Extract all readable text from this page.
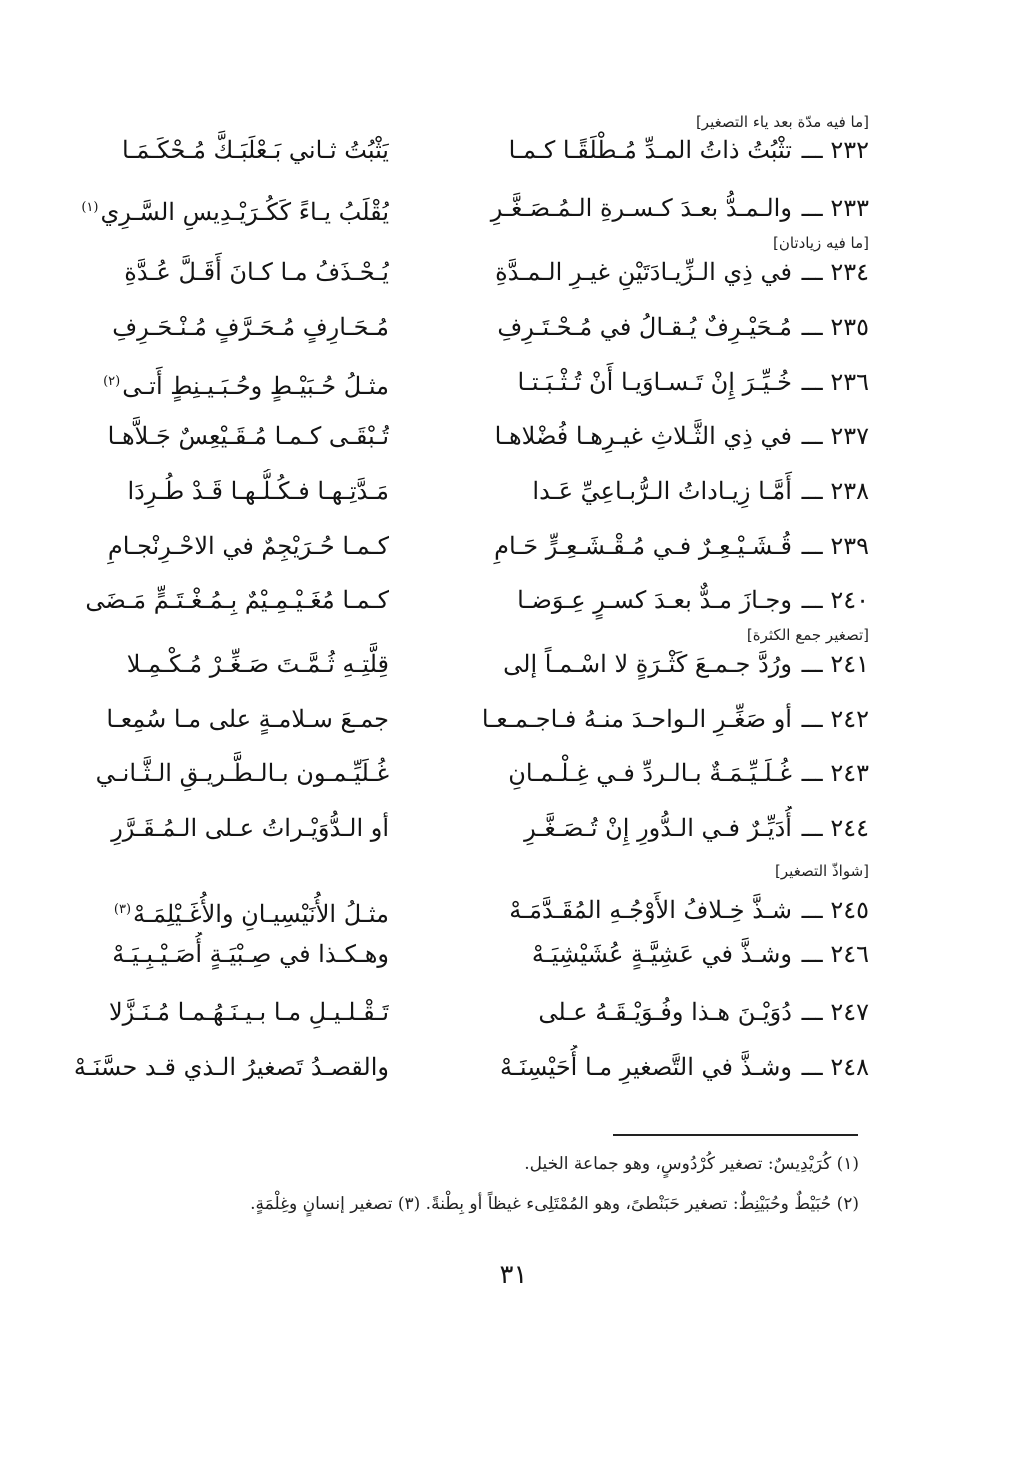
[ما فيه مدّة بعد ياء التصغير]
٢٣٢ ـــ تثْبُتُ ذاتُ المـدِّ مُـطْلَقًـا كـمـا
يَثْبُتُ ثـاني بَـعْلَبَـكَّ مُـحْكَـمَـا
٢٣٣ ـــ والـمـدُّ بعـدَ كـسـرةِ الـمُـصَـغَّـرِ
يُقْلَبُ يـاءً كَكُـرَيْـدِيسِ السَّـرِي$^{(١)}$
[ما فيه زيادتان]
٢٣٤ ـــ في ذِي الـزِّيـادَتَيْنِ غيـرِ الـمـدَّةِ
يُـحْـذَفُ مـا كـانَ أَقَـلَّ عُـدَّةِ
٢٣٥ ـــ مُـحَيْـرِفٌ يُـقـالُ في مُـحْـتَـرِفِ
مُـحَـارِفٍ مُـحَـرَّفٍ مُـنْـحَـرِفِ
٢٣٦ ـــ خُـيِّـرَ إِنْ تَـسـاوَيـا أَنْ تُـثْـبَـتـا
مثـلُ حُـبَيْـطٍ وحُـبَـيـنِطٍ أَتـى$^{(٢)}$
٢٣٧ ـــ في ذِي الثَّـلاثِ غيـرِهـا فُضْلاهـا
تُـبْقَـى كـمـا مُـقَـيْعِسٌ جَـلاَّهـا
٢٣٨ ـــ أَمَّـا زِيـاداتُ الـرُّبـاعِيِّ عَـدا
مَـدَّتِـهـا فـكُـلُّـهـا قَـدْ طُـرِدَا
٢٣٩ ـــ قُـشَـيْـعِـرٌ فـي مُـقْـشَـعِـرٍّ حَـامِ
كـمـا حُـرَيْجِمٌ في الاحْـرِنْجـامِ
٢٤٠ ـــ وجـازَ مـدٌّ بعـدَ كسـرٍ عِـوَضـا
كـمـا مُغَـيْـمِـيْمٌ بِـمُـغْـتَـمٍّ مَـضَى
[تصغير جمع الكثرة]
٢٤١ ـــ ورُدَّ جـمـعَ كَثْـرَةٍ لا اسْـمـاً إلى
قِلَّتِـهِ ثُـمَّـتَ صَـغِّـرْ مُـكْـمِـلا
٢٤٢ ـــ أو صَغِّـرِ الـواحـدَ منـهُ فـاجـمـعـا
جمـعَ سـلامـةٍ على مـا سُمِعـا
٢٤٣ ـــ غُـلَـيِّـمَـةٌ بـالـردِّ فـي غِـلْـمـانِ
غُـلَيِّـمـون بـالـطَّـريـقِ الـثَّـانـي
٢٤٤ ـــ أُدَيِّـرٌ فـي الـدُّورِ إِنْ تُـصَـغَّـرِ
أو الـدُّوَيْـراتُ عـلى الـمُـقَـرَّرِ
[شواذّ التصغير]
٢٤٥ ـــ شـذَّ خِـلافُ الأَوْجُـهِ المُقَـدَّمَـهْ
مثـلُ الأُنَيْسِيـانِ والأُغَـيْلِمَـهْ$^{(٣)}$
٢٤٦ ـــ وشـذَّ في عَشِيَّـةٍ عُشَيْشِيَـهْ
وهـكـذا في صِـبْيَـةٍ أُصَـيْـبِـيَـهْ
٢٤٧ ـــ دُوَيْـنَ هـذا وفُـوَيْـقَـهُ عـلى
تَـقْـلـيـلِ مـا بـيـنَـهُـمـا مُـنَـزَّلا
٢٤٨ ـــ وشـذَّ في التَّصغيرِ مـا أُحَيْسِنَـهْ
والقصـدُ تَصغيرُ الـذي قـد حسَّنَـهْ
(١) كُرَيْدِيسٌ: تصغير كُرْدُوسٍ، وهو جماعة الخيل.
(٢) حُبَيْطٌ وحُبَيْنِطٌ: تصغير حَبَنْطىً، وهو المُمْتَلِىء غيظاً أو بِطْنةً. (٣) تصغير إنسانٍ وغِلْمَةٍ.
٣١
